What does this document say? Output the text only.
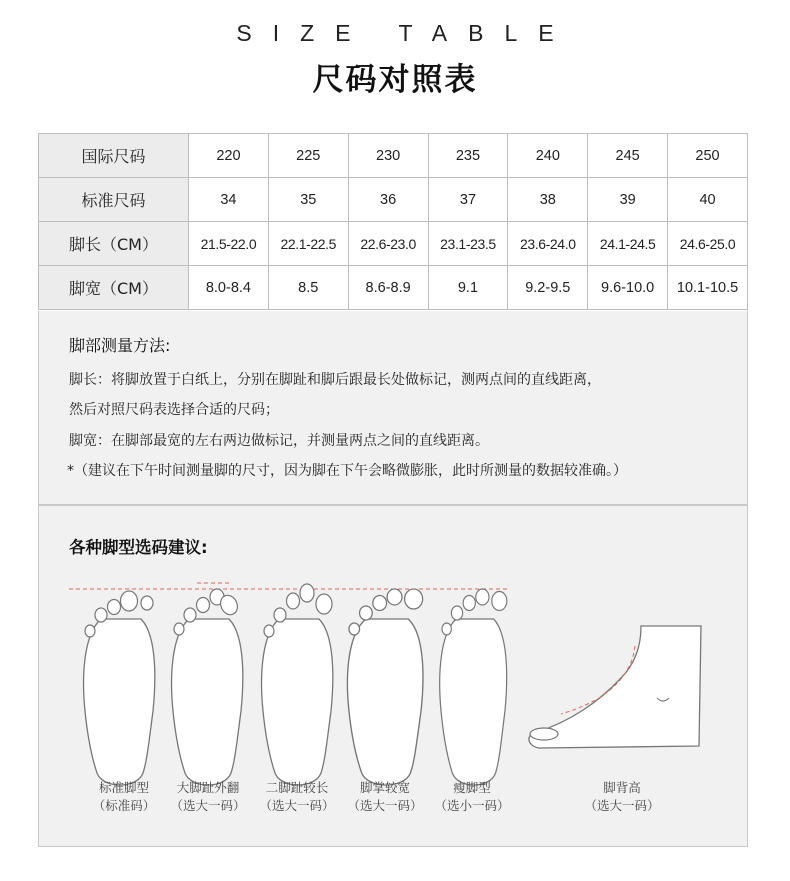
SIZE TABLE
尺码对照表
国际尺码	220	225	230	235	240	245	250
标准尺码	34	35	36	37	38	39	40
脚长（CM）	21.5-22.0	22.1-22.5	22.6-23.0	23.1-23.5	23.6-24.0	24.1-24.5	24.6-25.0
脚宽（CM）	8.0-8.4	8.5	8.6-8.9	9.1	9.2-9.5	9.6-10.0	10.1-10.5
脚部测量方法:
脚长：将脚放置于白纸上，分别在脚趾和脚后跟最长处做标记，测两点间的直线距离，
然后对照尺码表选择合适的尺码；
脚宽：在脚部最宽的左右两边做标记，并测量两点之间的直线距离。
*（建议在下午时间测量脚的尺寸，因为脚在下午会略微膨胀，此时所测量的数据较准确。）
各种脚型选码建议:
标准脚型
（标准码）
大脚趾外翻
（选大一码）
二脚趾较长
（选大一码）
脚掌较宽
（选大一码）
瘦脚型
（选小一码）
脚背高
（选大一码）
